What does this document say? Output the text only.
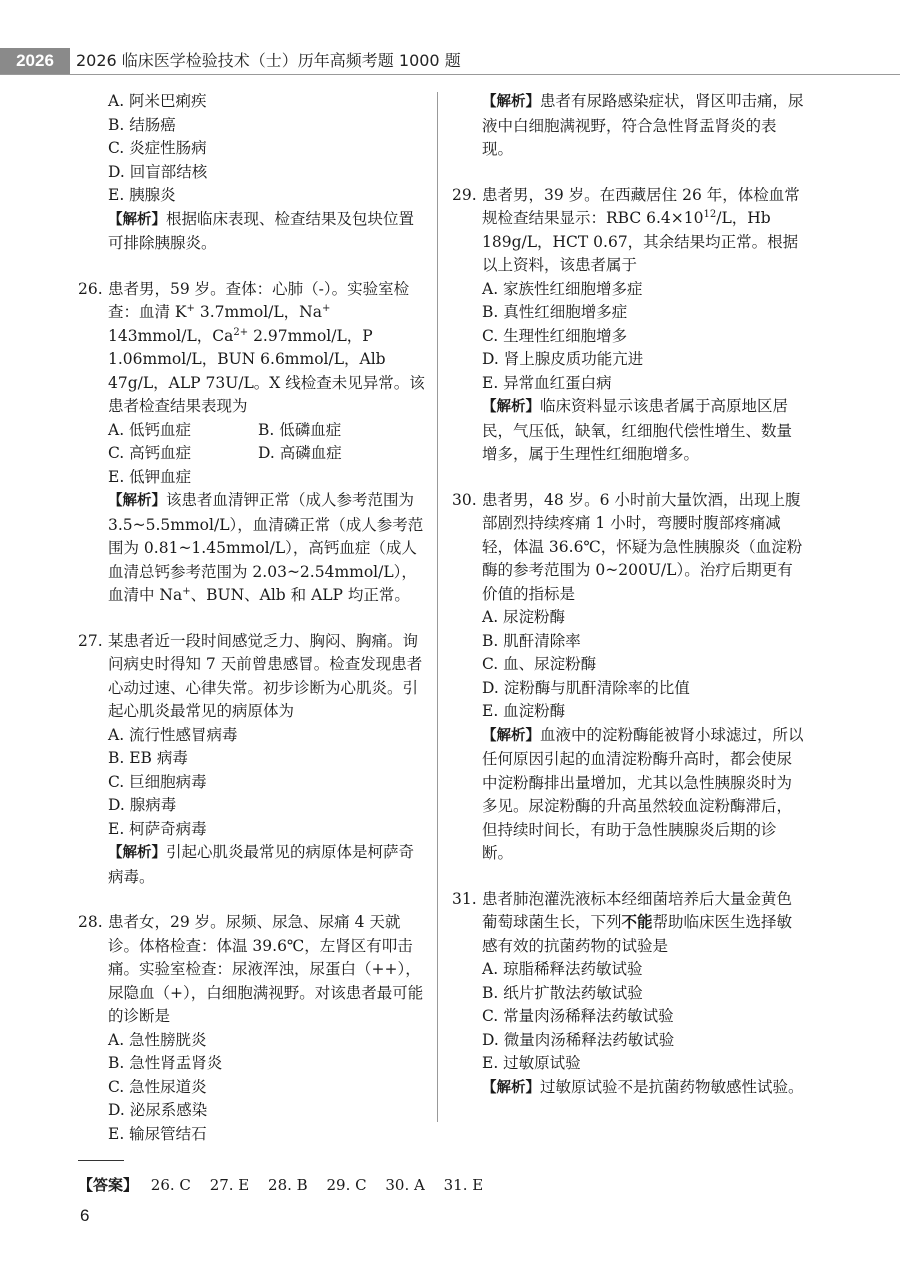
2026	2026 临床医学检验技术（士）历年高频考题 1000 题
A. 阿米巴痢疾
B. 结肠癌
C. 炎症性肠病
D. 回盲部结核
E. 胰腺炎
【解析】根据临床表现、检查结果及包块位置可排除胰腺炎。
26. 患者男，59 岁。查体：心肺（-）。实验室检查：血清 K+ 3.7mmol/L，Na+ 143mmol/L，$Ca^{2+}$ 2.97mmol/L，P 1.06mmol/L，BUN 6.6mmol/L，Alb 47g/L，ALP 73U/L。X 线检查未见异常。该患者检查结果表现为
A. 低钙血症	B. 低磷血症
C. 高钙血症	D. 高磷血症
E. 低钾血症
【解析】该患者血清钾正常（成人参考范围为 3.5~5.5mmol/L），血清磷正常（成人参考范围为 0.81~1.45mmol/L），高钙血症（成人血清总钙参考范围为 2.03~2.54mmol/L），血清中 Na+、BUN、Alb 和 ALP 均正常。
27. 某患者近一段时间感觉乏力、胸闷、胸痛。询问病史时得知 7 天前曾患感冒。检查发现患者心动过速、心律失常。初步诊断为心肌炎。引起心肌炎最常见的病原体为
A. 流行性感冒病毒
B. EB 病毒
C. 巨细胞病毒
D. 腺病毒
E. 柯萨奇病毒
【解析】引起心肌炎最常见的病原体是柯萨奇病毒。
28. 患者女，29 岁。尿频、尿急、尿痛 4 天就诊。体格检查：体温 39.6℃，左肾区有叩击痛。实验室检查：尿液浑浊，尿蛋白（++），尿隐血（+），白细胞满视野。对该患者最可能的诊断是
A. 急性膀胱炎
B. 急性肾盂肾炎
C. 急性尿道炎
D. 泌尿系感染
E. 输尿管结石
【解析】患者有尿路感染症状，肾区叩击痛，尿液中白细胞满视野，符合急性肾盂肾炎的表现。
29. 患者男，39 岁。在西藏居住 26 年，体检血常规检查结果显示：RBC $6.4\times 10^{12}/L$，Hb 189g/L，HCT 0.67，其余结果均正常。根据以上资料，该患者属于
A. 家族性红细胞增多症
B. 真性红细胞增多症
C. 生理性红细胞增多
D. 肾上腺皮质功能亢进
E. 异常血红蛋白病
【解析】临床资料显示该患者属于高原地区居民，气压低，缺氧，红细胞代偿性增生、数量增多，属于生理性红细胞增多。
30. 患者男，48 岁。6 小时前大量饮酒，出现上腹部剧烈持续疼痛 1 小时，弯腰时腹部疼痛减轻，体温 36.6℃，怀疑为急性胰腺炎（血淀粉酶的参考范围为 0~200U/L）。治疗后期更有价值的指标是
A. 尿淀粉酶
B. 肌酐清除率
C. 血、尿淀粉酶
D. 淀粉酶与肌酐清除率的比值
E. 血淀粉酶
【解析】血液中的淀粉酶能被肾小球滤过，所以任何原因引起的血清淀粉酶升高时，都会使尿中淀粉酶排出量增加，尤其以急性胰腺炎时为多见。尿淀粉酶的升高虽然较血淀粉酶滞后，但持续时间长，有助于急性胰腺炎后期的诊断。
31. 患者肺泡灌洗液标本经细菌培养后大量金黄色葡萄球菌生长，下列不能帮助临床医生选择敏感有效的抗菌药物的试验是
A. 琼脂稀释法药敏试验
B. 纸片扩散法药敏试验
C. 常量肉汤稀释法药敏试验
D. 微量肉汤稀释法药敏试验
E. 过敏原试验
【解析】过敏原试验不是抗菌药物敏感性试验。
【答案】 26. C 27. E 28. B 29. C 30. A 31. E
6
